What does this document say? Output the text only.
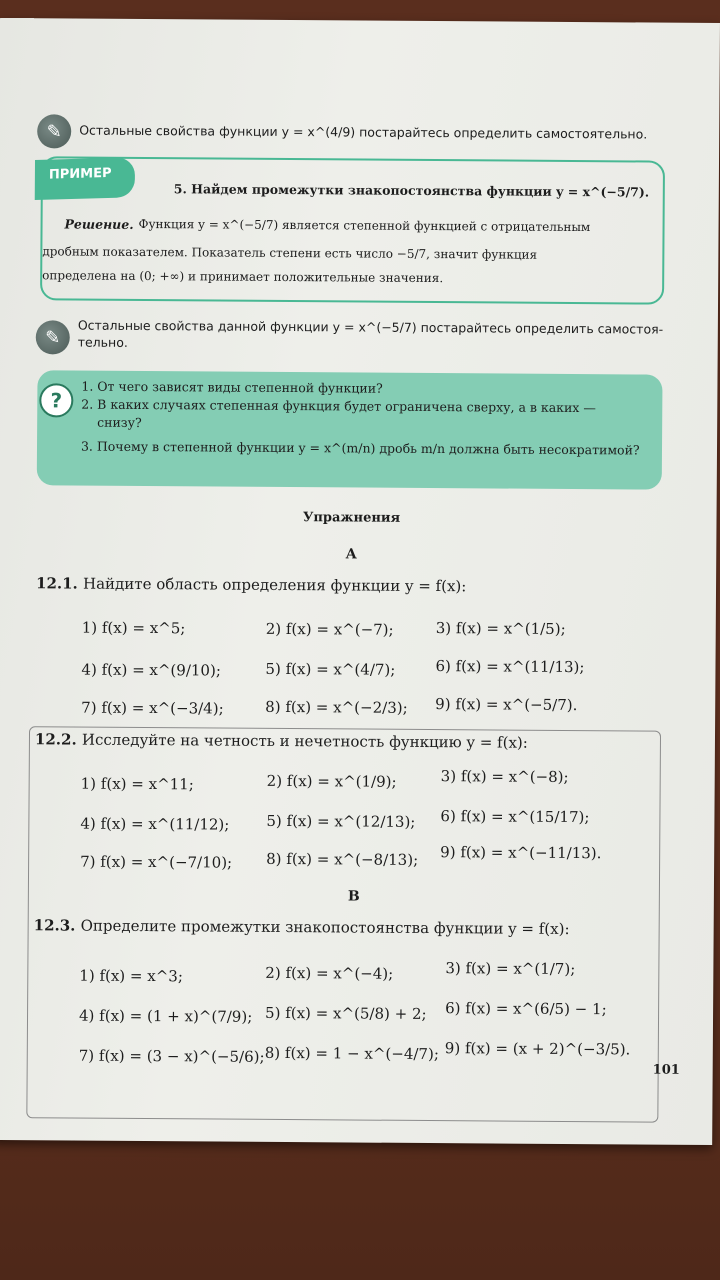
✎	Остальные свойства функции y = x^(4/9) постарайтесь определить самостоятельно.
ПРИМЕР
5. Найдем промежутки знакопостоянства функции y = x^(−5/7).
Решение. Функция y = x^(−5/7) является степенной функцией с отрицательным
дробным показателем. Показатель степени есть число −5/7, значит функция
определена на (0; +∞) и принимает положительные значения.
✎	Остальные свойства данной функции y = x^(−5/7) постарайтесь определить самостоя-
тельно.
?
1. От чего зависят виды степенной функции?
2. В каких случаях степенная функция будет ограничена сверху, а в каких —
снизу?
3. Почему в степенной функции y = x^(m/n) дробь m/n должна быть несократимой?
Упражнения
А
12.1. Найдите область определения функции y = f(x):
1) f(x) = x^5;	2) f(x) = x^(−7);	3) f(x) = x^(1/5);
4) f(x) = x^(9/10);	5) f(x) = x^(4/7);	6) f(x) = x^(11/13);
7) f(x) = x^(−3/4);	8) f(x) = x^(−2/3); 9) f(x) = x^(−5/7).
12.2. Исследуйте на четность и нечетность функцию y = f(x):
1) f(x) = x^11;	2) f(x) = x^(1/9);	3) f(x) = x^(−8);
4) f(x) = x^(11/12); 5) f(x) = x^(12/13); 6) f(x) = x^(15/17);
7) f(x) = x^(−7/10); 8) f(x) = x^(−8/13); 9) f(x) = x^(−11/13).
В
12.3. Определите промежутки знакопостоянства функции y = f(x):
1) f(x) = x^3;	2) f(x) = x^(−4);	3) f(x) = x^(1/7);
4) f(x) = (1 + x)^(7/9); 5) f(x) = x^(5/8) + 2; 6) f(x) = x^(6/5) − 1;
7) f(x) = (3 − x)^(−5/6); 8) f(x) = 1 − x^(−4/7); 9) f(x) = (x + 2)^(−3/5).
101
